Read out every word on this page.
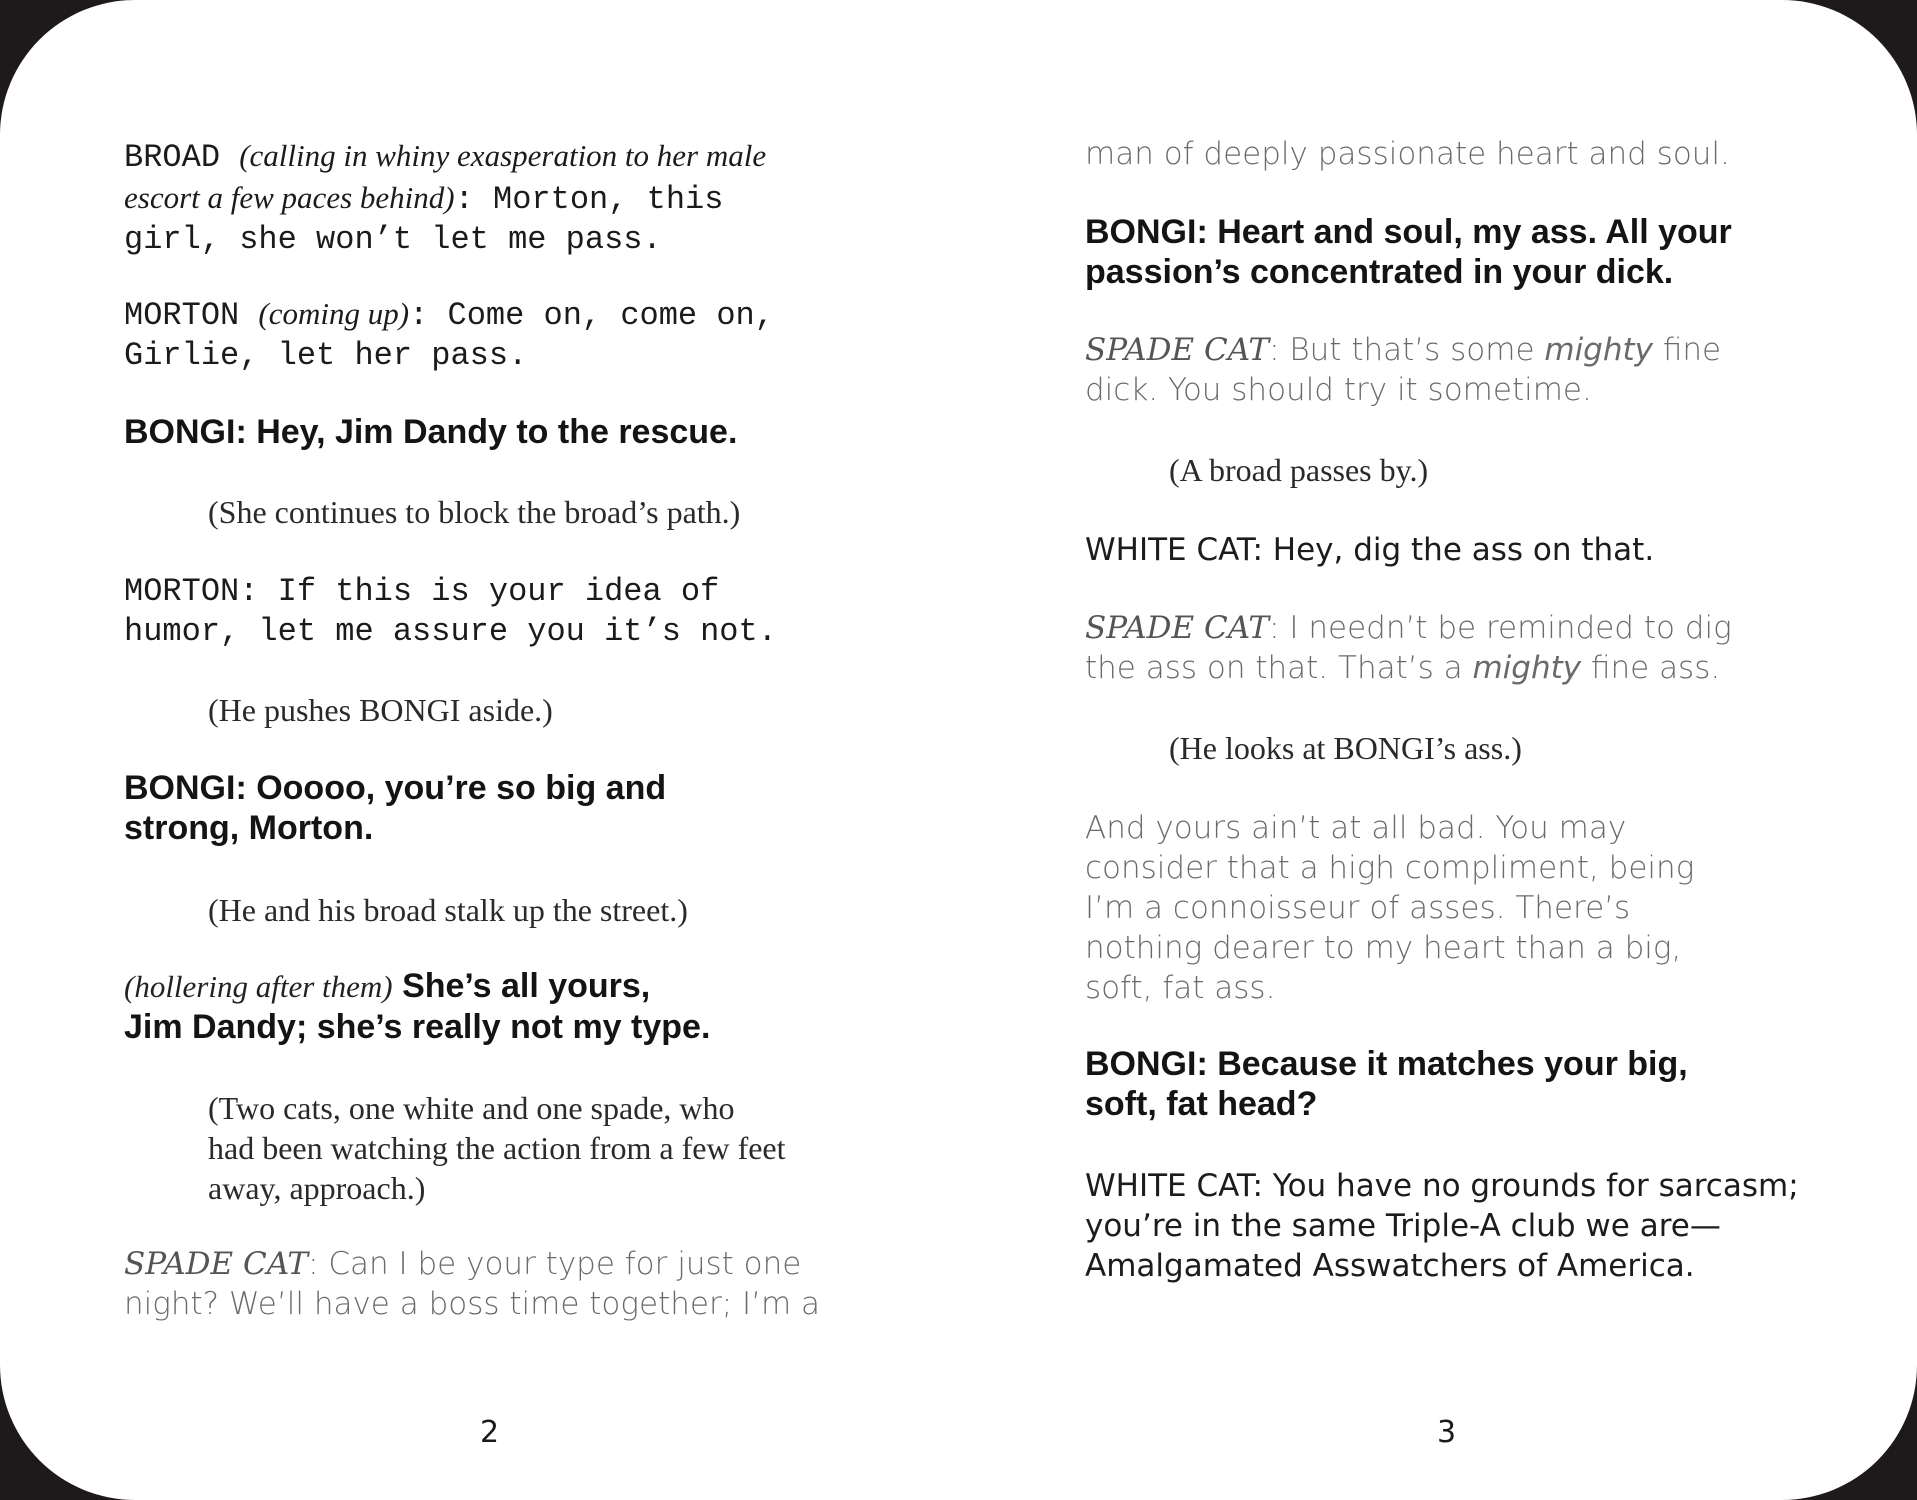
BROAD (calling in whiny exasperation to her male
escort a few paces behind): Morton, this
girl, she won’t let me pass.
MORTON (coming up): Come on, come on,
Girlie, let her pass.
BONGI: Hey, Jim Dandy to the rescue.
(She continues to block the broad’s path.)
MORTON: If this is your idea of
humor, let me assure you it’s not.
(He pushes BONGI aside.)
BONGI: Ooooo, you’re so big and
strong, Morton.
(He and his broad stalk up the street.)
(hollering after them) She’s all yours,
Jim Dandy; she’s really not my type.
(Two cats, one white and one spade, who
had been watching the action from a few feet
away, approach.)
SPADE CAT: Can I be your type for just one
night? We’ll have a boss time together; I’m a
2
man of deeply passionate heart and soul.
BONGI: Heart and soul, my ass. All your
passion’s concentrated in your dick.
SPADE CAT: But that’s some mighty fine
dick. You should try it sometime.
(A broad passes by.)
WHITE CAT: Hey, dig the ass on that.
SPADE CAT: I needn’t be reminded to dig
the ass on that. That’s a mighty fine ass.
(He looks at BONGI’s ass.)
And yours ain’t at all bad. You may
consider that a high compliment, being
I’m a connoisseur of asses. There’s
nothing dearer to my heart than a big,
soft, fat ass.
BONGI: Because it matches your big,
soft, fat head?
WHITE CAT: You have no grounds for sarcasm;
you’re in the same Triple-A club we are—
Amalgamated Asswatchers of America.
3
